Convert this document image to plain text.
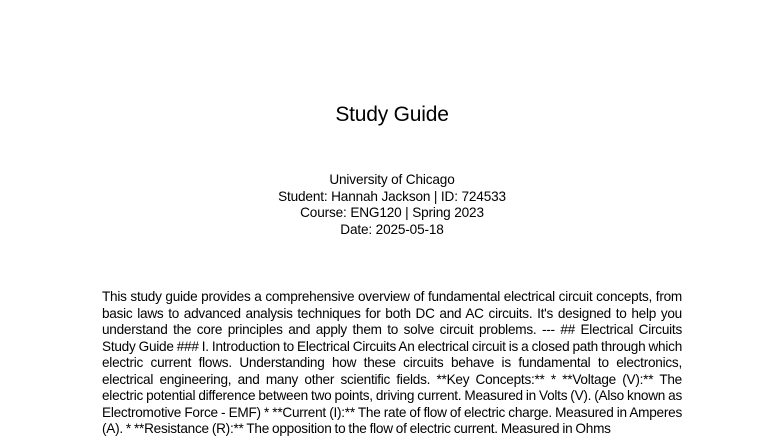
Study Guide
University of Chicago
Student: Hannah Jackson | ID: 724533
Course: ENG120 | Spring 2023
Date: 2025-05-18

This study guide provides a comprehensive overview of fundamental electrical circuit concepts, from basic laws to advanced analysis techniques for both DC and AC circuits. It's designed to help you understand the core principles and apply them to solve circuit problems. --- ## Electrical Circuits Study Guide ### I. Introduction to Electrical Circuits An electrical circuit is a closed path through which electric current flows. Understanding how these circuits behave is fundamental to electronics, electrical engineering, and many other scientific fields. **Key Concepts:** * **Voltage (V):** The electric potential difference between two points, driving current. Measured in Volts (V). (Also known as Electromotive Force - EMF) * **Current (I):** The rate of flow of electric charge. Measured in Amperes (A). * **Resistance (R):** The opposition to the flow of electric current. Measured in Ohms
